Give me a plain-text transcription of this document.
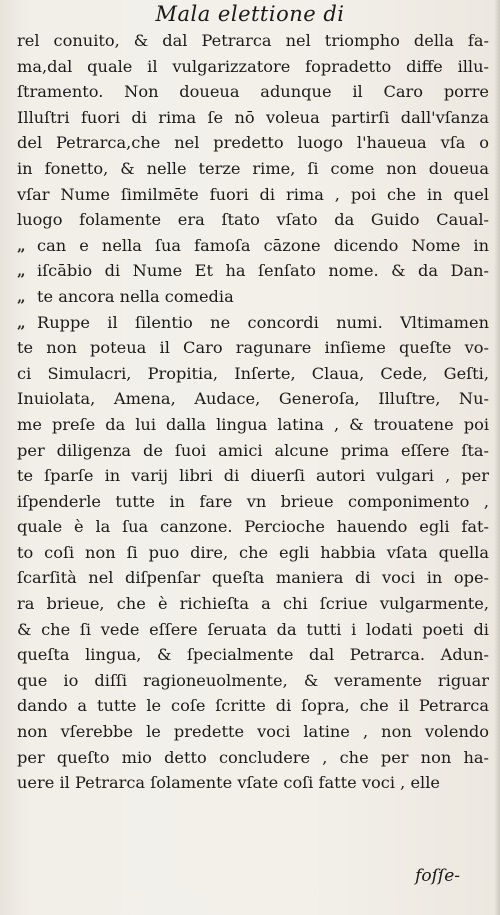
Mala elettione di
rel conuito, & dal Petrarca nel triompho della fa-
ma,dal quale il vulgarizzatore fopradetto diffe illu-
ſtramento. Non doueua adunque il Caro porre
Illuſtri fuori di rima ſe nō voleua partirſi dall'vſanza
del Petrarca,che nel predetto luogo l'haueua vſa o
in fonetto, & nelle terze rime, ſi come non doueua
vſar Nume ſimilmēte fuori di rima , poi che in quel
luogo folamente era ſtato vſato da Guido Caual-
„ can e nella ſua famoſa cāzone dicendo Nome in
„ iſcābio di Nume Et ha ſenſato nome. & da Dan-
„ te ancora nella comedia
„ Ruppe il ſilentio ne concordi numi. Vltimamen
te non poteua il Caro ragunare inſieme queſte vo-
ci Simulacri, Propitia, Inſerte, Claua, Cede, Geſti,
Inuiolata, Amena, Audace, Generoſa, Illuſtre, Nu-
me preſe da lui dalla lingua latina , & trouatene poi
per diligenza de ſuoi amici alcune prima eſſere ſta-
te ſparſe in varij libri di diuerſi autori vulgari , per
iſpenderle tutte in fare vn brieue componimento ,
quale è la ſua canzone. Percioche hauendo egli fat-
to coſi non ſi puo dire, che egli habbia vſata quella
ſcarſità nel diſpenſar queſta maniera di voci in ope-
ra brieue, che è richieſta a chi ſcriue vulgarmente,
& che ſi vede eſſere ſeruata da tutti i lodati poeti di
queſta lingua, & ſpecialmente dal Petrarca. Adun-
que io diſſi ragioneuolmente, & veramente riguar
dando a tutte le coſe ſcritte di ſopra, che il Petrarca
non vſerebbe le predette voci latine , non volendo
per queſto mio detto concludere , che per non ha-
uere il Petrarca ſolamente vſate coſi fatte voci , elle
foſſe-
